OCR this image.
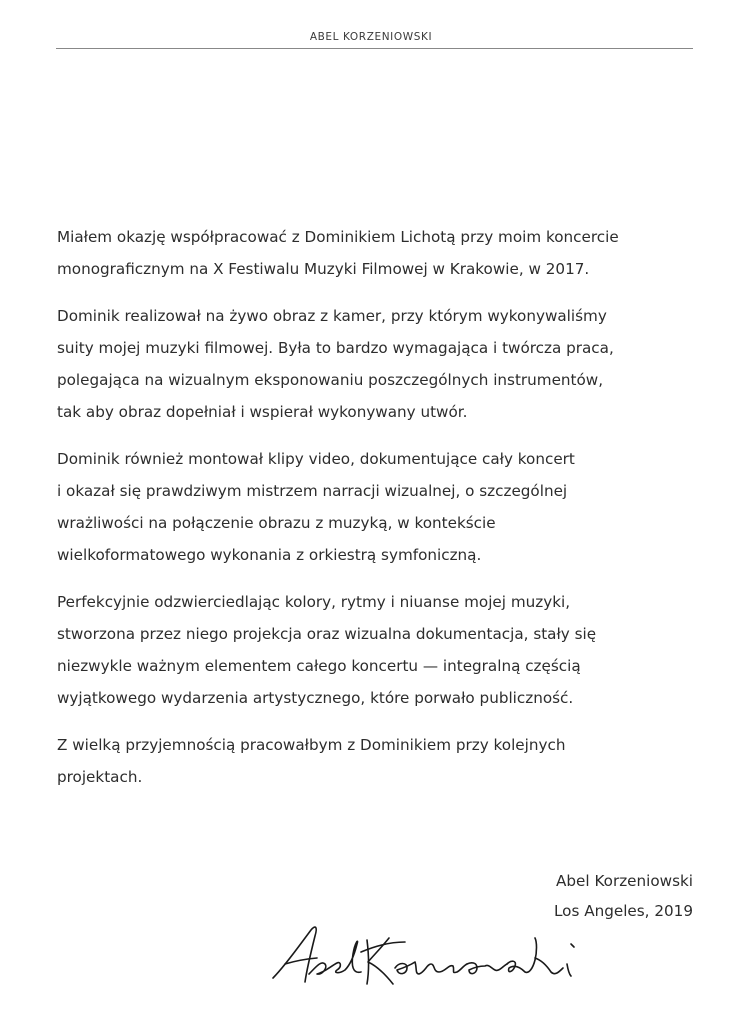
ABEL KORZENIOWSKI

Miałem okazję współpracować z Dominikiem Lichotą przy moim koncercie
monograficznym na X Festiwalu Muzyki Filmowej w Krakowie, w 2017.

Dominik realizował na żywo obraz z kamer, przy którym wykonywaliśmy
suity mojej muzyki filmowej. Była to bardzo wymagająca i twórcza praca,
polegająca na wizualnym eksponowaniu poszczególnych instrumentów,
tak aby obraz dopełniał i wspierał wykonywany utwór.

Dominik również montował klipy video, dokumentujące cały koncert
i okazał się prawdziwym mistrzem narracji wizualnej, o szczególnej
wrażliwości na połączenie obrazu z muzyką, w kontekście
wielkoformatowego wykonania z orkiestrą symfoniczną.

Perfekcyjnie odzwierciedlając kolory, rytmy i niuanse mojej muzyki,
stworzona przez niego projekcja oraz wizualna dokumentacja, stały się
niezwykle ważnym elementem całego koncertu — integralną częścią
wyjątkowego wydarzenia artystycznego, które porwało publiczność.

Z wielką przyjemnością pracowałbym z Dominikiem przy kolejnych
projektach.

Abel Korzeniowski
Los Angeles, 2019
